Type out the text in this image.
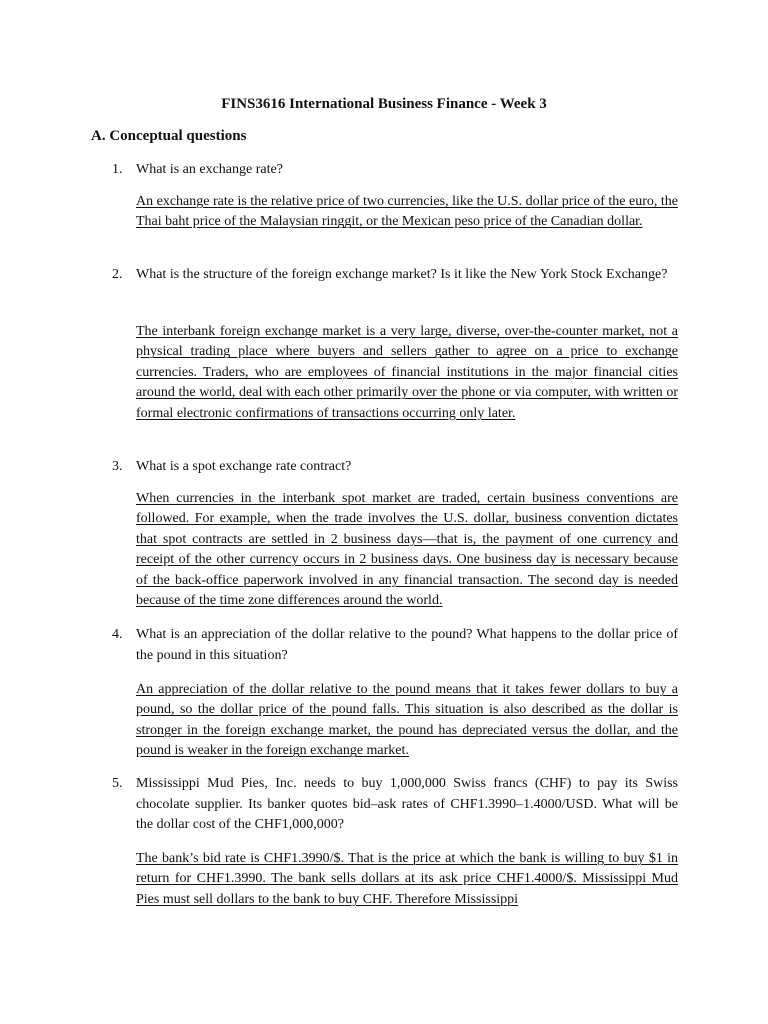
FINS3616 International Business Finance - Week 3
A. Conceptual questions
1. What is an exchange rate?
An exchange rate is the relative price of two currencies, like the U.S. dollar price of the euro, the Thai baht price of the Malaysian ringgit, or the Mexican peso price of the Canadian dollar.
2. What is the structure of the foreign exchange market? Is it like the New York Stock Exchange?
The interbank foreign exchange market is a very large, diverse, over-the-counter market, not a physical trading place where buyers and sellers gather to agree on a price to exchange currencies. Traders, who are employees of financial institutions in the major financial cities around the world, deal with each other primarily over the phone or via computer, with written or formal electronic confirmations of transactions occurring only later.
3. What is a spot exchange rate contract?
When currencies in the interbank spot market are traded, certain business conventions are followed. For example, when the trade involves the U.S. dollar, business convention dictates that spot contracts are settled in 2 business days—that is, the payment of one currency and receipt of the other currency occurs in 2 business days. One business day is necessary because of the back-office paperwork involved in any financial transaction. The second day is needed because of the time zone differences around the world.
4. What is an appreciation of the dollar relative to the pound? What happens to the dollar price of the pound in this situation?
An appreciation of the dollar relative to the pound means that it takes fewer dollars to buy a pound, so the dollar price of the pound falls. This situation is also described as the dollar is stronger in the foreign exchange market, the pound has depreciated versus the dollar, and the pound is weaker in the foreign exchange market.
5. Mississippi Mud Pies, Inc. needs to buy 1,000,000 Swiss francs (CHF) to pay its Swiss chocolate supplier. Its banker quotes bid–ask rates of CHF1.3990–1.4000/USD. What will be the dollar cost of the CHF1,000,000?
The bank’s bid rate is CHF1.3990/$. That is the price at which the bank is willing to buy $1 in return for CHF1.3990. The bank sells dollars at its ask price CHF1.4000/$. Mississippi Mud Pies must sell dollars to the bank to buy CHF. Therefore Mississippi
